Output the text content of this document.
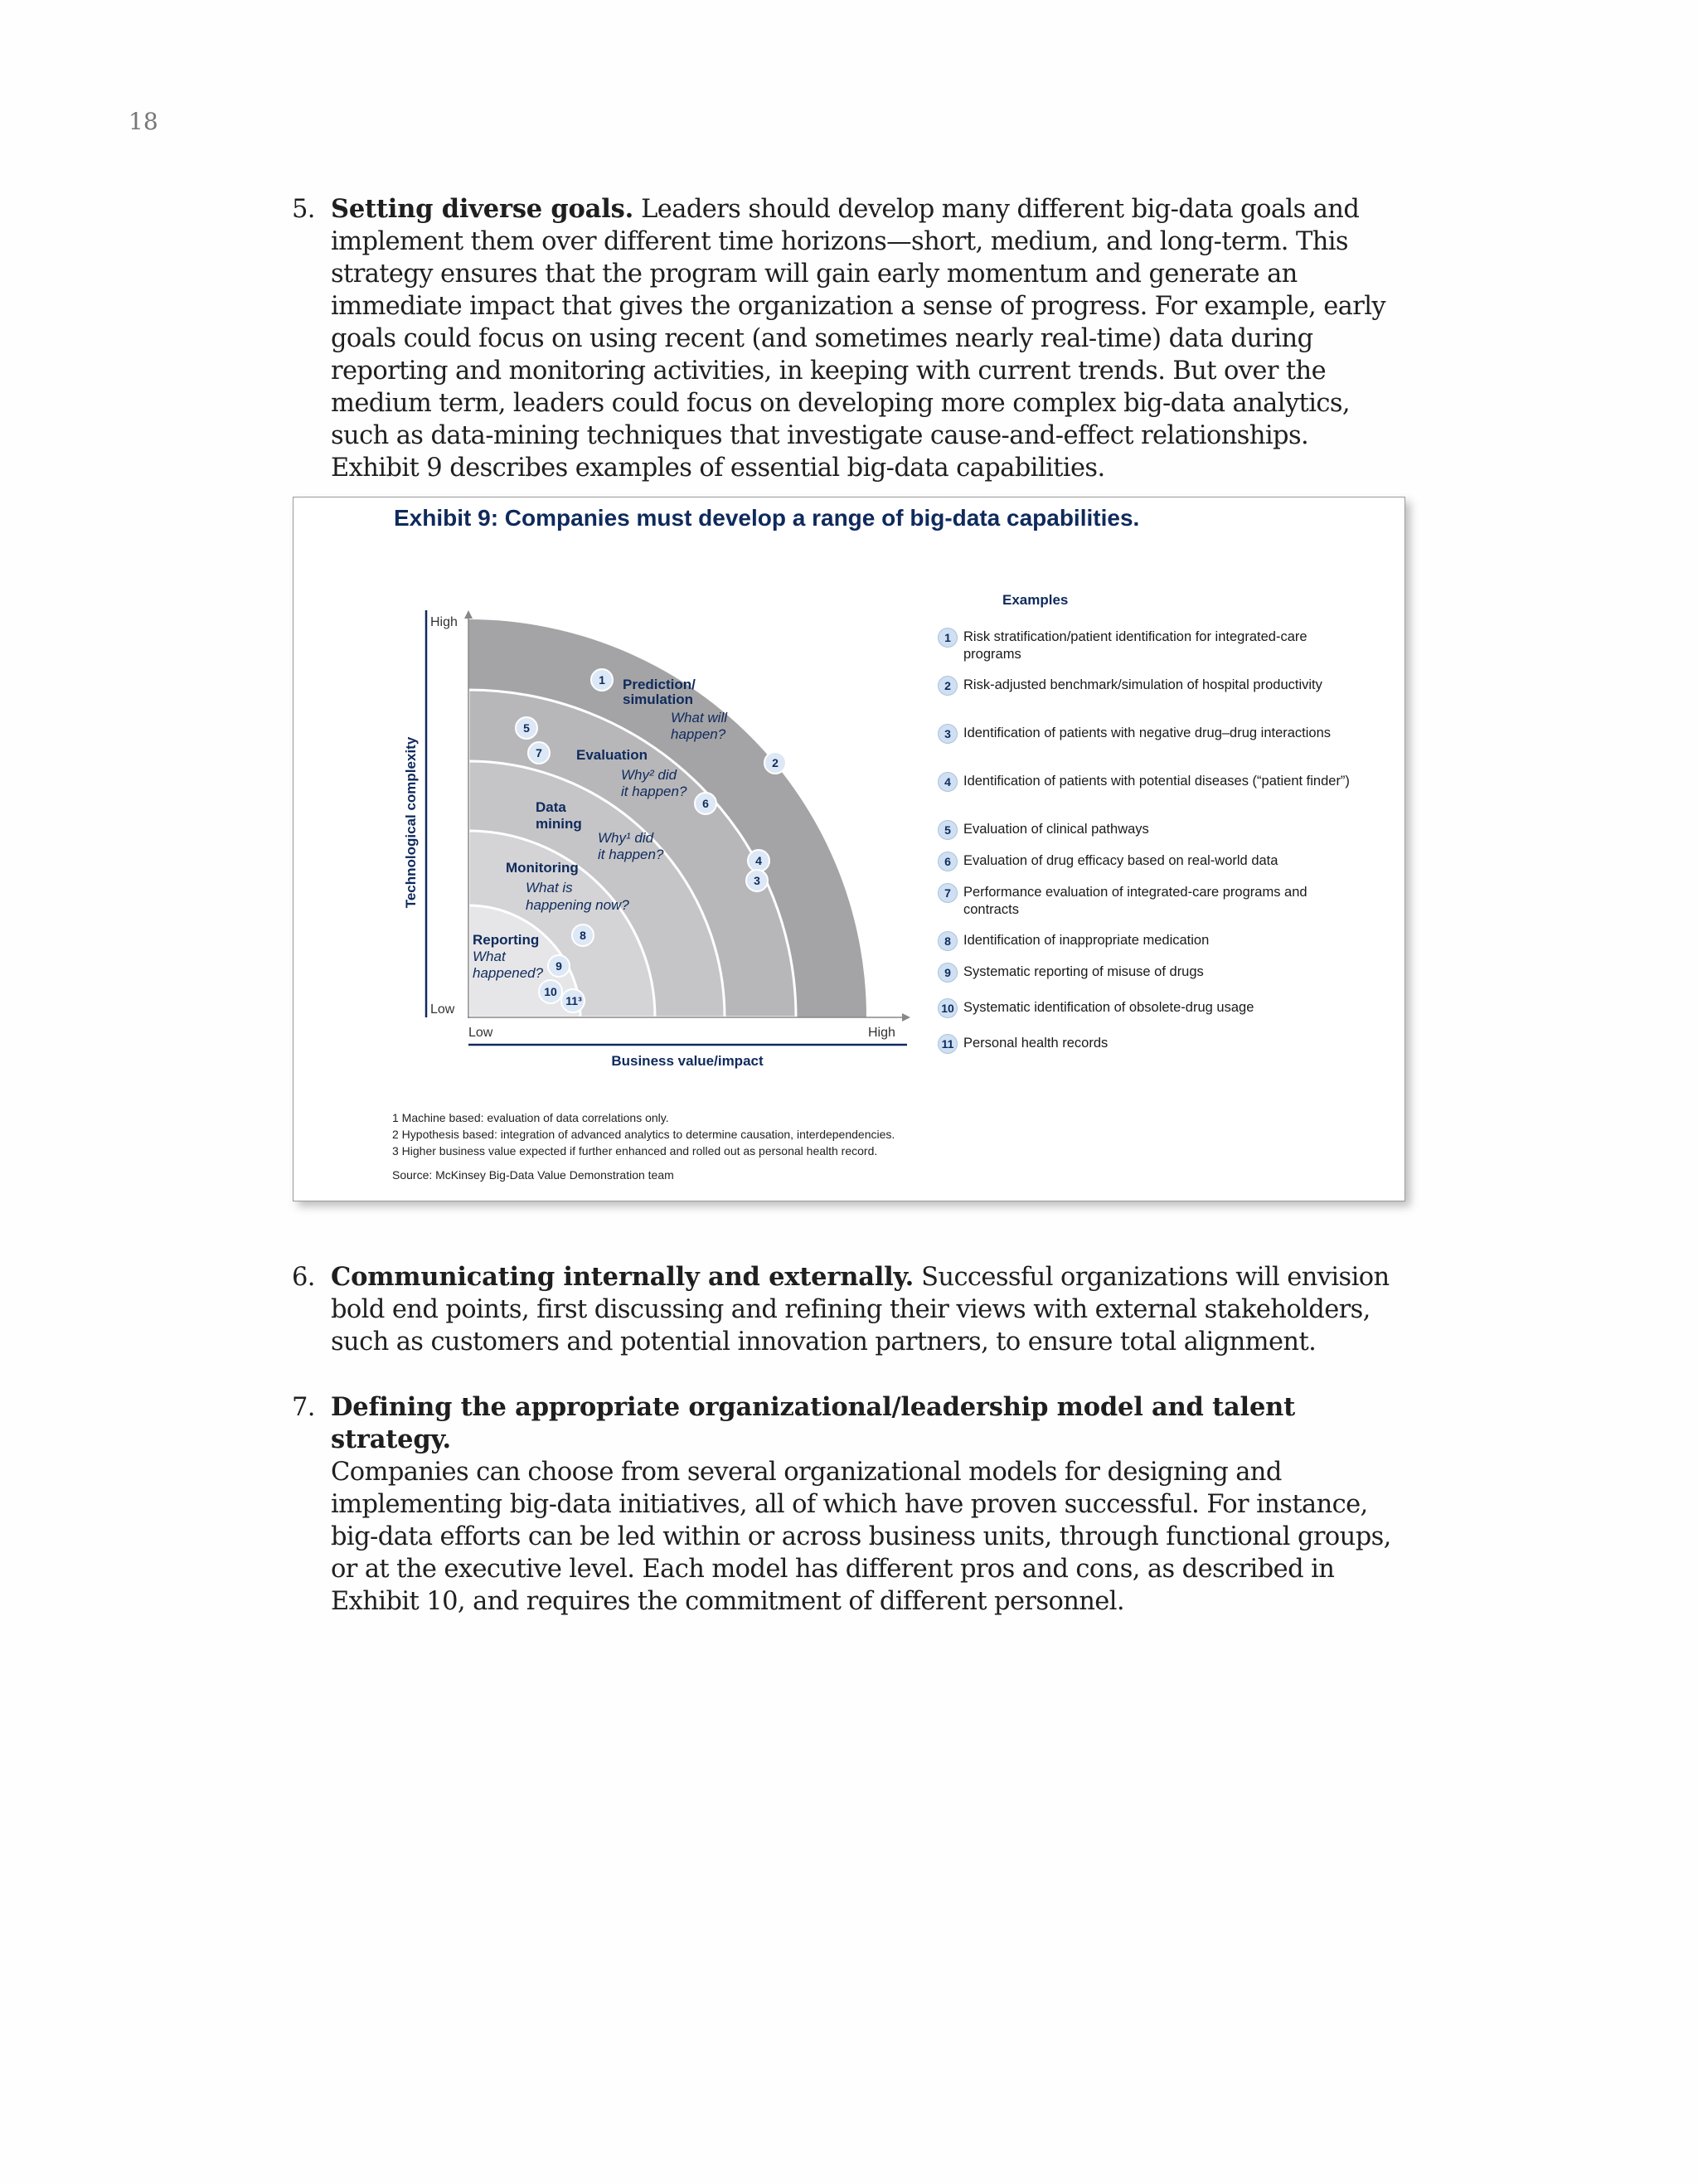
18
5. Setting diverse goals. Leaders should develop many different big-data goals and implement them over different time horizons—short, medium, and long-term. This strategy ensures that the program will gain early momentum and generate an immediate impact that gives the organization a sense of progress. For example, early goals could focus on using recent (and sometimes nearly real-time) data during reporting and monitoring activities, in keeping with current trends. But over the medium term, leaders could focus on developing more complex big-data analytics, such as data-mining techniques that investigate cause-and-effect relationships. Exhibit 9 describes examples of essential big-data capabilities.
Exhibit 9: Companies must develop a range of big-data capabilities.
High
Low
Low	High
Technological complexity
Business value/impact
Prediction/
simulation
What will
happen?
Evaluation
Why² did
it happen?
Data
mining
Why¹ did
it happen?
Monitoring
What is
happening now?
Reporting
What
happened?
1
5
7
2
6
4
3
8
9
10
11³
Examples
1 Risk stratification/patient identification for integrated-care programs
2 Risk-adjusted benchmark/simulation of hospital productivity
3 Identification of patients with negative drug–drug interactions
4 Identification of patients with potential diseases (“patient finder”)
5 Evaluation of clinical pathways
6 Evaluation of drug efficacy based on real-world data
7 Performance evaluation of integrated-care programs and contracts
8 Identification of inappropriate medication
9 Systematic reporting of misuse of drugs
10 Systematic identification of obsolete-drug usage
11 Personal health records
1 Machine based: evaluation of data correlations only.
2 Hypothesis based: integration of advanced analytics to determine causation, interdependencies.
3 Higher business value expected if further enhanced and rolled out as personal health record.
Source: McKinsey Big-Data Value Demonstration team
6. Communicating internally and externally. Successful organizations will envision bold end points, first discussing and refining their views with external stakeholders, such as customers and potential innovation partners, to ensure total alignment.
7. Defining the appropriate organizational/leadership model and talent strategy.
Companies can choose from several organizational models for designing and implementing big-data initiatives, all of which have proven successful. For instance, big-data efforts can be led within or across business units, through functional groups, or at the executive level. Each model has different pros and cons, as described in Exhibit 10, and requires the commitment of different personnel.
